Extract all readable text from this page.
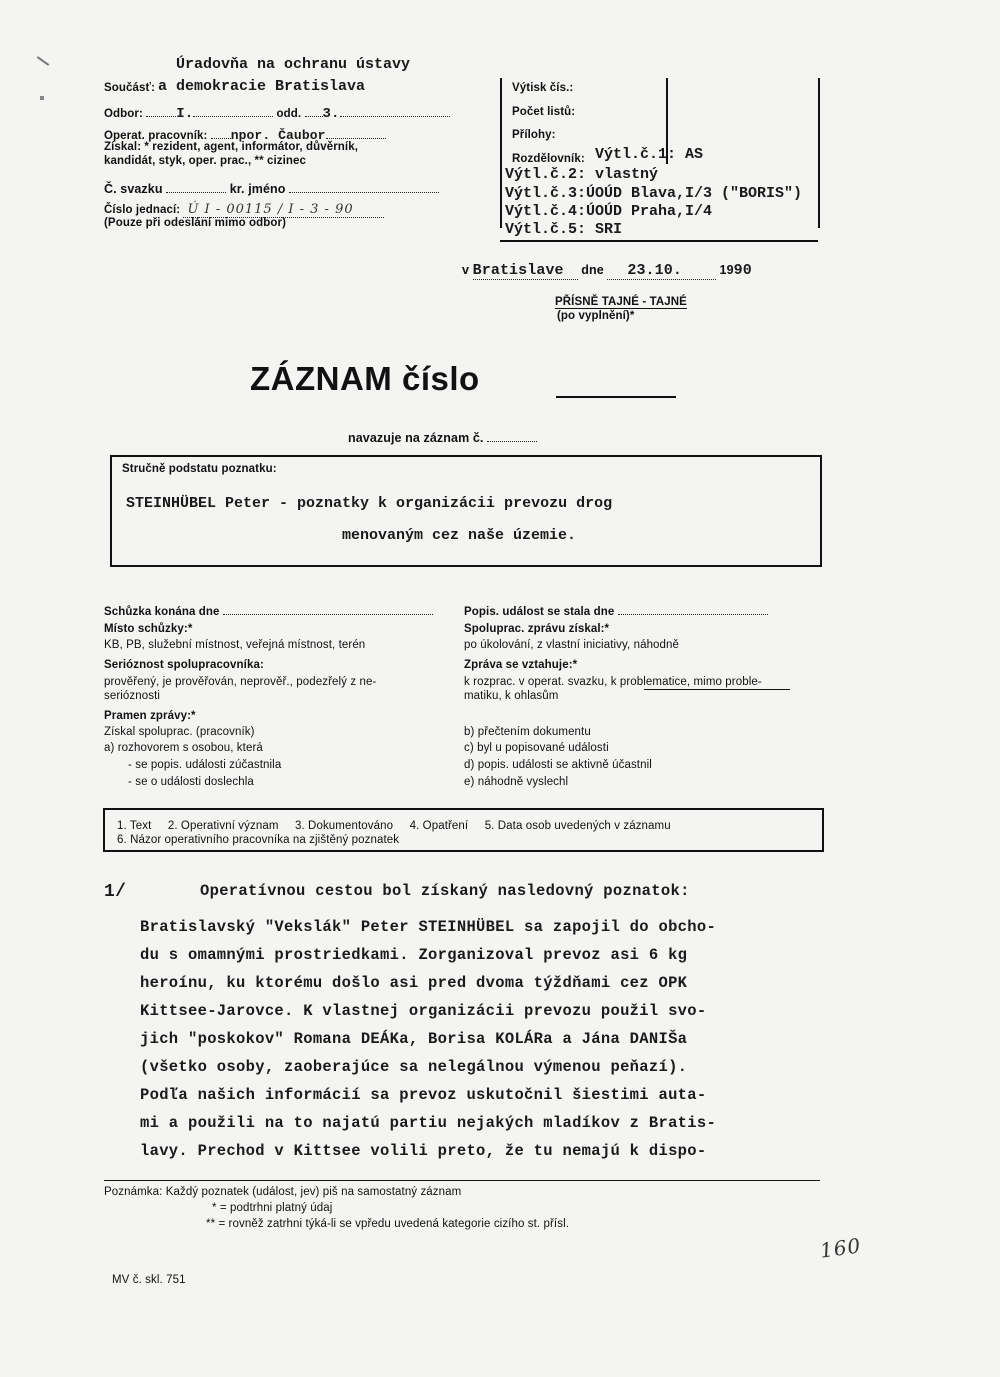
Úradovňa na ochranu ústavy
Součásť: a demokracie Bratislava
Odbor: I.	odd. 3.
Operat. pracovník: npor. Čaubor
Získal: * rezident, agent, informátor, důvěrník,
kandidát, styk, oper. prac., ** cizinec
Č. svazku	kr. jméno
Číslo jednací: Ú I - 00115 / I - 3 - 90
(Pouze při odeslání mimo odbor)
Výtisk čís.:
Počet listů:
Přílohy:
Rozdělovník: Výtl.č.1: AS
Výtl.č.2: vlastný
Výtl.č.3:ÚOÚD Blava,I/3 ("BORIS")
Výtl.č.4:ÚOÚD Praha,I/4
Výtl.č.5: SRI
v Bratislave dne 23.10.	1990
PŘÍSNĚ TAJNÉ - TAJNÉ
(po vyplnění)*
ZÁZNAM číslo
navazuje na záznam č.
Stručně podstatu poznatku:
STEINHÜBEL Peter - poznatky k organizácii prevozu drog
menovaným cez naše územie.
Schůzka konána dne
Místo schůzky:*
KB, PB, služební místnost, veřejná místnost, terén
Serióznost spolupracovníka:
prověřený, je prověřován, neprověř., podezřelý z ne-
serióznosti
Pramen zprávy:*
Získal spoluprac. (pracovník)
a) rozhovorem s osobou, která
- se popis. události zúčastnila
- se o události doslechla
Popis. událost se stala dne
Spoluprac. zprávu získal:*
po úkolování, z vlastní iniciativy, náhodně
Zpráva se vztahuje:*
k rozprac. v operat. svazku, k problematice, mimo proble-
matiku, k ohlasům
b) přečtením dokumentu
c) byl u popisované události
d) popis. události se aktivně účastnil
e) náhodně vyslechl
1. Text     2. Operativní význam     3. Dokumentováno     4. Opatření     5. Data osob uvedených v záznamu
6. Názor operativního pracovníka na zjištěný poznatek
1/	Operatívnou cestou bol získaný nasledovný poznatok:
Bratislavský "Vekslák" Peter STEINHÜBEL sa zapojil do obcho-
du s omamnými prostriedkami. Zorganizoval prevoz asi 6 kg
heroínu, ku ktorému došlo asi pred dvoma týždňami cez OPK
Kittsee-Jarovce. K vlastnej organizácii prevozu použil svo-
jich "poskokov" Romana DEÁKa, Borisa KOLÁRa a Jána DANIŠa
(všetko osoby, zaoberajúce sa nelegálnou výmenou peňazí).
Podľa našich informácií sa prevoz uskutočnil šiestimi auta-
mi a použili na to najatú partiu nejakých mladíkov z Bratis-
lavy. Prechod v Kittsee volili preto, že tu nemajú k dispo-
Poznámka: Každý poznatek (událost, jev) piš na samostatný záznam
* = podtrhni platný údaj
** = rovněž zatrhni týká-li se vpředu uvedená kategorie cizího st. přísl.
MV č. skl. 751
160
